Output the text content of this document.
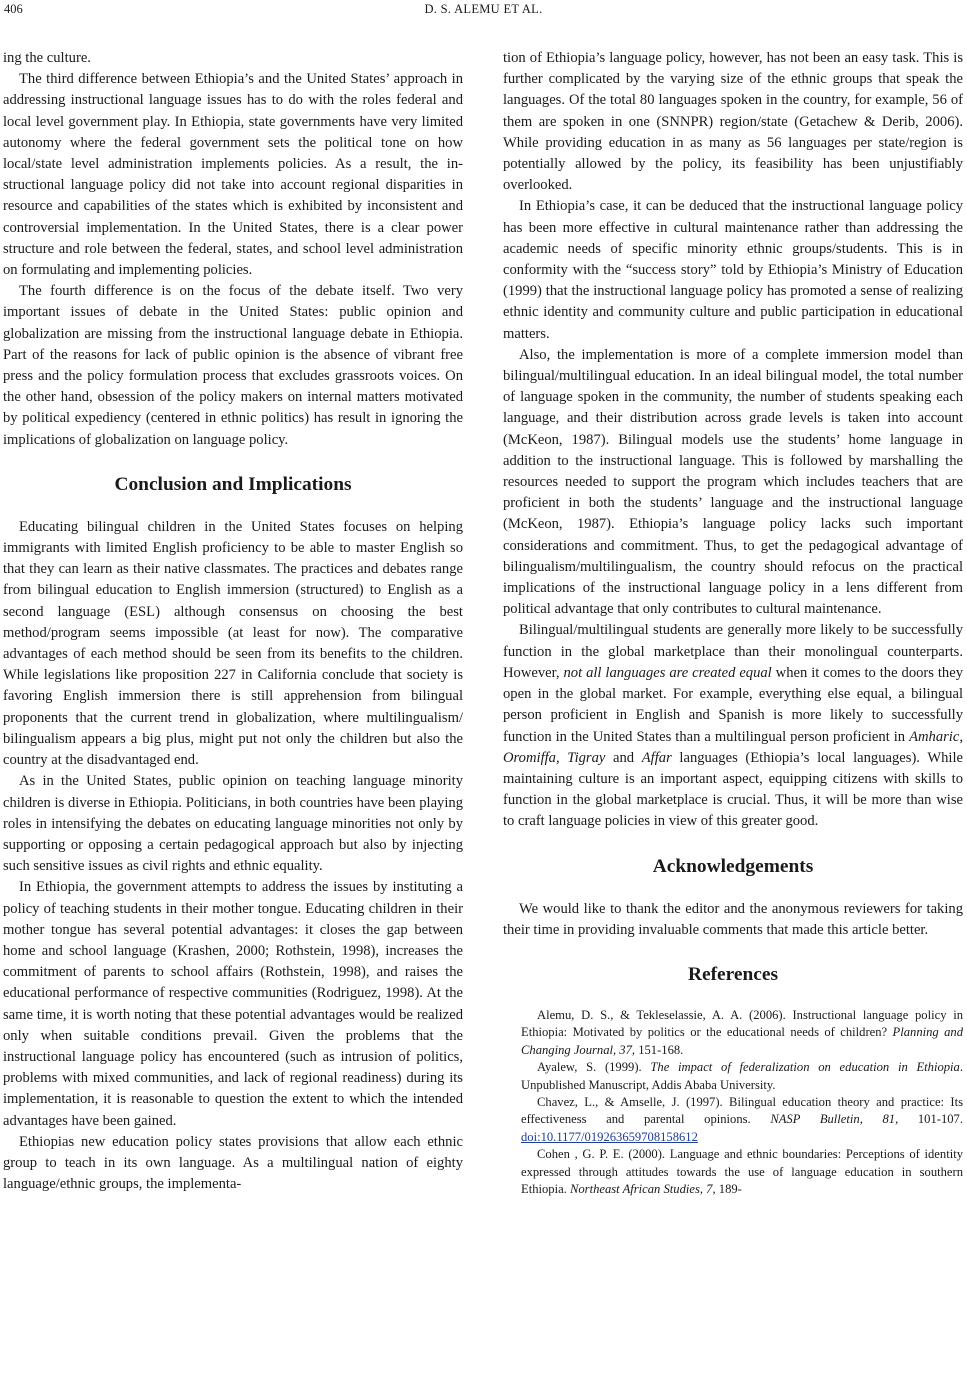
406	D. S. ALEMU ET AL.

ing the culture.

The third difference between Ethiopia’s and the United States’ approach in addressing instructional language issues has to do with the roles federal and local level government play. In Ethiopia, state governments have very limited autonomy where the federal government sets the political tone on how local/state level administration implements policies. As a result, the instructional language policy did not take into account regional disparities in resource and capabilities of the states which is exhibited by inconsistent and controversial implementation. In the United States, there is a clear power structure and role between the federal, states, and school level administration on formulating and implementing policies.

The fourth difference is on the focus of the debate itself. Two very important issues of debate in the United States: public opinion and globalization are missing from the instructional language debate in Ethiopia. Part of the reasons for lack of public opinion is the absence of vibrant free press and the policy formulation process that excludes grassroots voices. On the other hand, obsession of the policy makers on internal matters motivated by political expediency (centered in ethnic politics) has result in ignoring the implications of globalization on language policy.

Conclusion and Implications

Educating bilingual children in the United States focuses on helping immigrants with limited English proficiency to be able to master English so that they can learn as their native classmates. The practices and debates range from bilingual education to English immersion (structured) to English as a second language (ESL) although consensus on choosing the best method/program seems impossible (at least for now). The comparative advantages of each method should be seen from its benefits to the children. While legislations like proposition 227 in California conclude that society is favoring English immersion there is still apprehension from bilingual proponents that the current trend in globalization, where multilingualism/ bilingualism appears a big plus, might put not only the children but also the country at the disadvantaged end.

As in the United States, public opinion on teaching language minority children is diverse in Ethiopia. Politicians, in both countries have been playing roles in intensifying the debates on educating language minorities not only by supporting or opposing a certain pedagogical approach but also by injecting such sensitive issues as civil rights and ethnic equality.

In Ethiopia, the government attempts to address the issues by instituting a policy of teaching students in their mother tongue. Educating children in their mother tongue has several potential advantages: it closes the gap between home and school language (Krashen, 2000; Rothstein, 1998), increases the commitment of parents to school affairs (Rothstein, 1998), and raises the educational performance of respective communities (Rodriguez, 1998). At the same time, it is worth noting that these potential advantages would be realized only when suitable conditions prevail. Given the problems that the instructional language policy has encountered (such as intrusion of politics, problems with mixed communities, and lack of regional readiness) during its implementation, it is reasonable to question the extent to which the intended advantages have been gained.

Ethiopias new education policy states provisions that allow each ethnic group to teach in its own language. As a multilingual nation of eighty language/ethnic groups, the implementa-

tion of Ethiopia’s language policy, however, has not been an easy task. This is further complicated by the varying size of the ethnic groups that speak the languages. Of the total 80 languages spoken in the country, for example, 56 of them are spoken in one (SNNPR) region/state (Getachew & Derib, 2006). While providing education in as many as 56 languages per state/region is potentially allowed by the policy, its feasibility has been unjustifiably overlooked.

In Ethiopia’s case, it can be deduced that the instructional language policy has been more effective in cultural maintenance rather than addressing the academic needs of specific minority ethnic groups/students. This is in conformity with the “success story” told by Ethiopia’s Ministry of Education (1999) that the instructional language policy has promoted a sense of realizing ethnic identity and community culture and public participation in educational matters.

Also, the implementation is more of a complete immersion model than bilingual/multilingual education. In an ideal bilingual model, the total number of language spoken in the community, the number of students speaking each language, and their distribution across grade levels is taken into account (McKeon, 1987). Bilingual models use the students’ home language in addition to the instructional language. This is followed by marshalling the resources needed to support the program which includes teachers that are proficient in both the students’ language and the instructional language (McKeon, 1987). Ethiopia’s language policy lacks such important considerations and commitment. Thus, to get the pedagogical advantage of bilingualism/multilingualism, the country should refocus on the practical implications of the instructional language policy in a lens different from political advantage that only contributes to cultural maintenance.

Bilingual/multilingual students are generally more likely to be successfully function in the global marketplace than their monolingual counterparts. However, not all languages are created equal when it comes to the doors they open in the global market. For example, everything else equal, a bilingual person proficient in English and Spanish is more likely to successfully function in the United States than a multilingual person proficient in Amharic, Oromiffa, Tigray and Affar languages (Ethiopia’s local languages). While maintaining culture is an important aspect, equipping citizens with skills to function in the global marketplace is crucial. Thus, it will be more than wise to craft language policies in view of this greater good.

Acknowledgements

We would like to thank the editor and the anonymous reviewers for taking their time in providing invaluable comments that made this article better.

References

Alemu, D. S., & Tekleselassie, A. A. (2006). Instructional language policy in Ethiopia: Motivated by politics or the educational needs of children? Planning and Changing Journal, 37, 151-168.

Ayalew, S. (1999). The impact of federalization on education in Ethiopia. Unpublished Manuscript, Addis Ababa University.

Chavez, L., & Amselle, J. (1997). Bilingual education theory and practice: Its effectiveness and parental opinions. NASP Bulletin, 81, 101-107. doi:10.1177/019263659708158612

Cohen , G. P. E. (2000). Language and ethnic boundaries: Perceptions of identity expressed through attitudes towards the use of language education in southern Ethiopia. Northeast African Studies, 7, 189-
